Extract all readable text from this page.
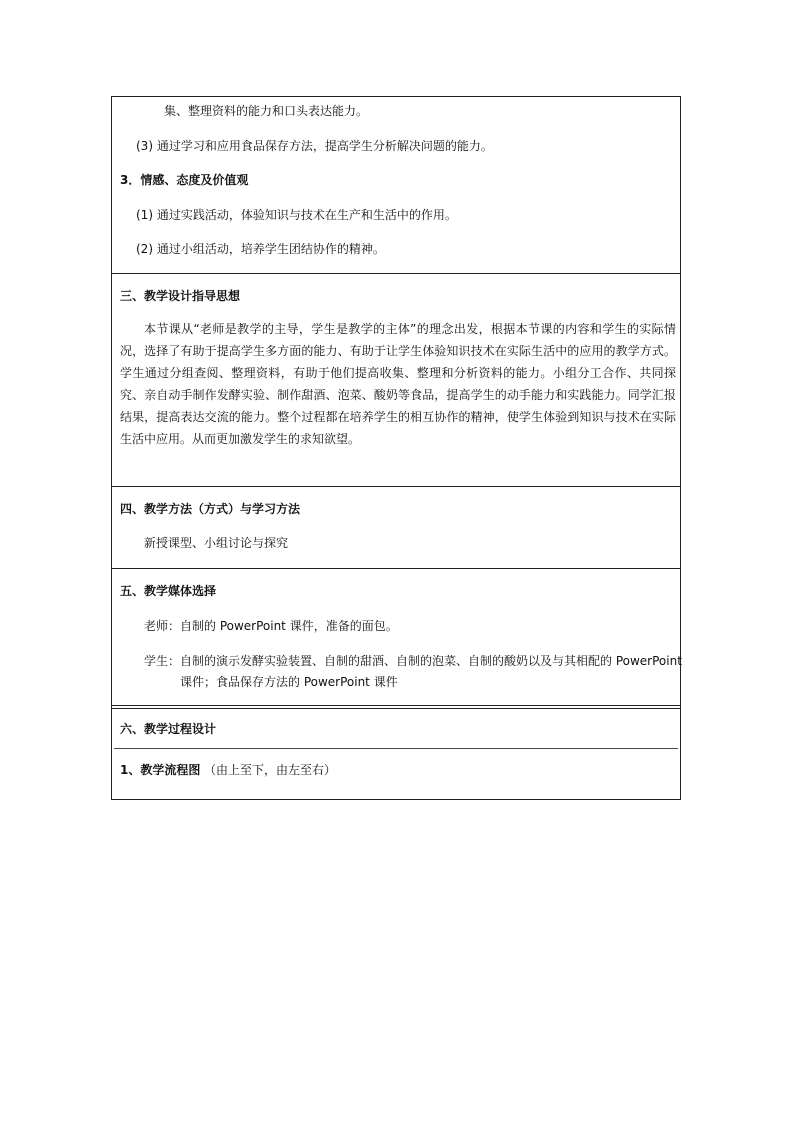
集、整理资料的能力和口头表达能力。
(3) 通过学习和应用食品保存方法，提高学生分析解决问题的能力。
3．情感、态度及价值观
(1) 通过实践活动，体验知识与技术在生产和生活中的作用。
(2) 通过小组活动，培养学生团结协作的精神。
三、教学设计指导思想
本节课从“老师是教学的主导，学生是教学的主体”的理念出发，根据本节课的内容和学生的实际情况，选择了有助于提高学生多方面的能力、有助于让学生体验知识技术在实际生活中的应用的教学方式。学生通过分组查阅、整理资料，有助于他们提高收集、整理和分析资料的能力。小组分工合作、共同探究、亲自动手制作发酵实验、制作甜酒、泡菜、酸奶等食品，提高学生的动手能力和实践能力。同学汇报结果，提高表达交流的能力。整个过程都在培养学生的相互协作的精神，使学生体验到知识与技术在实际生活中应用。从而更加激发学生的求知欲望。
四、教学方法（方式）与学习方法
新授课型、小组讨论与探究
五、教学媒体选择
老师： 自制的 PowerPoint 课件，准备的面包。
学生： 自制的演示发酵实验装置、自制的甜酒、自制的泡菜、自制的酸奶以及与其相配的 PowerPoint
课件；食品保存方法的 PowerPoint 课件
六、教学过程设计
1、教学流程图 （由上至下，由左至右）
